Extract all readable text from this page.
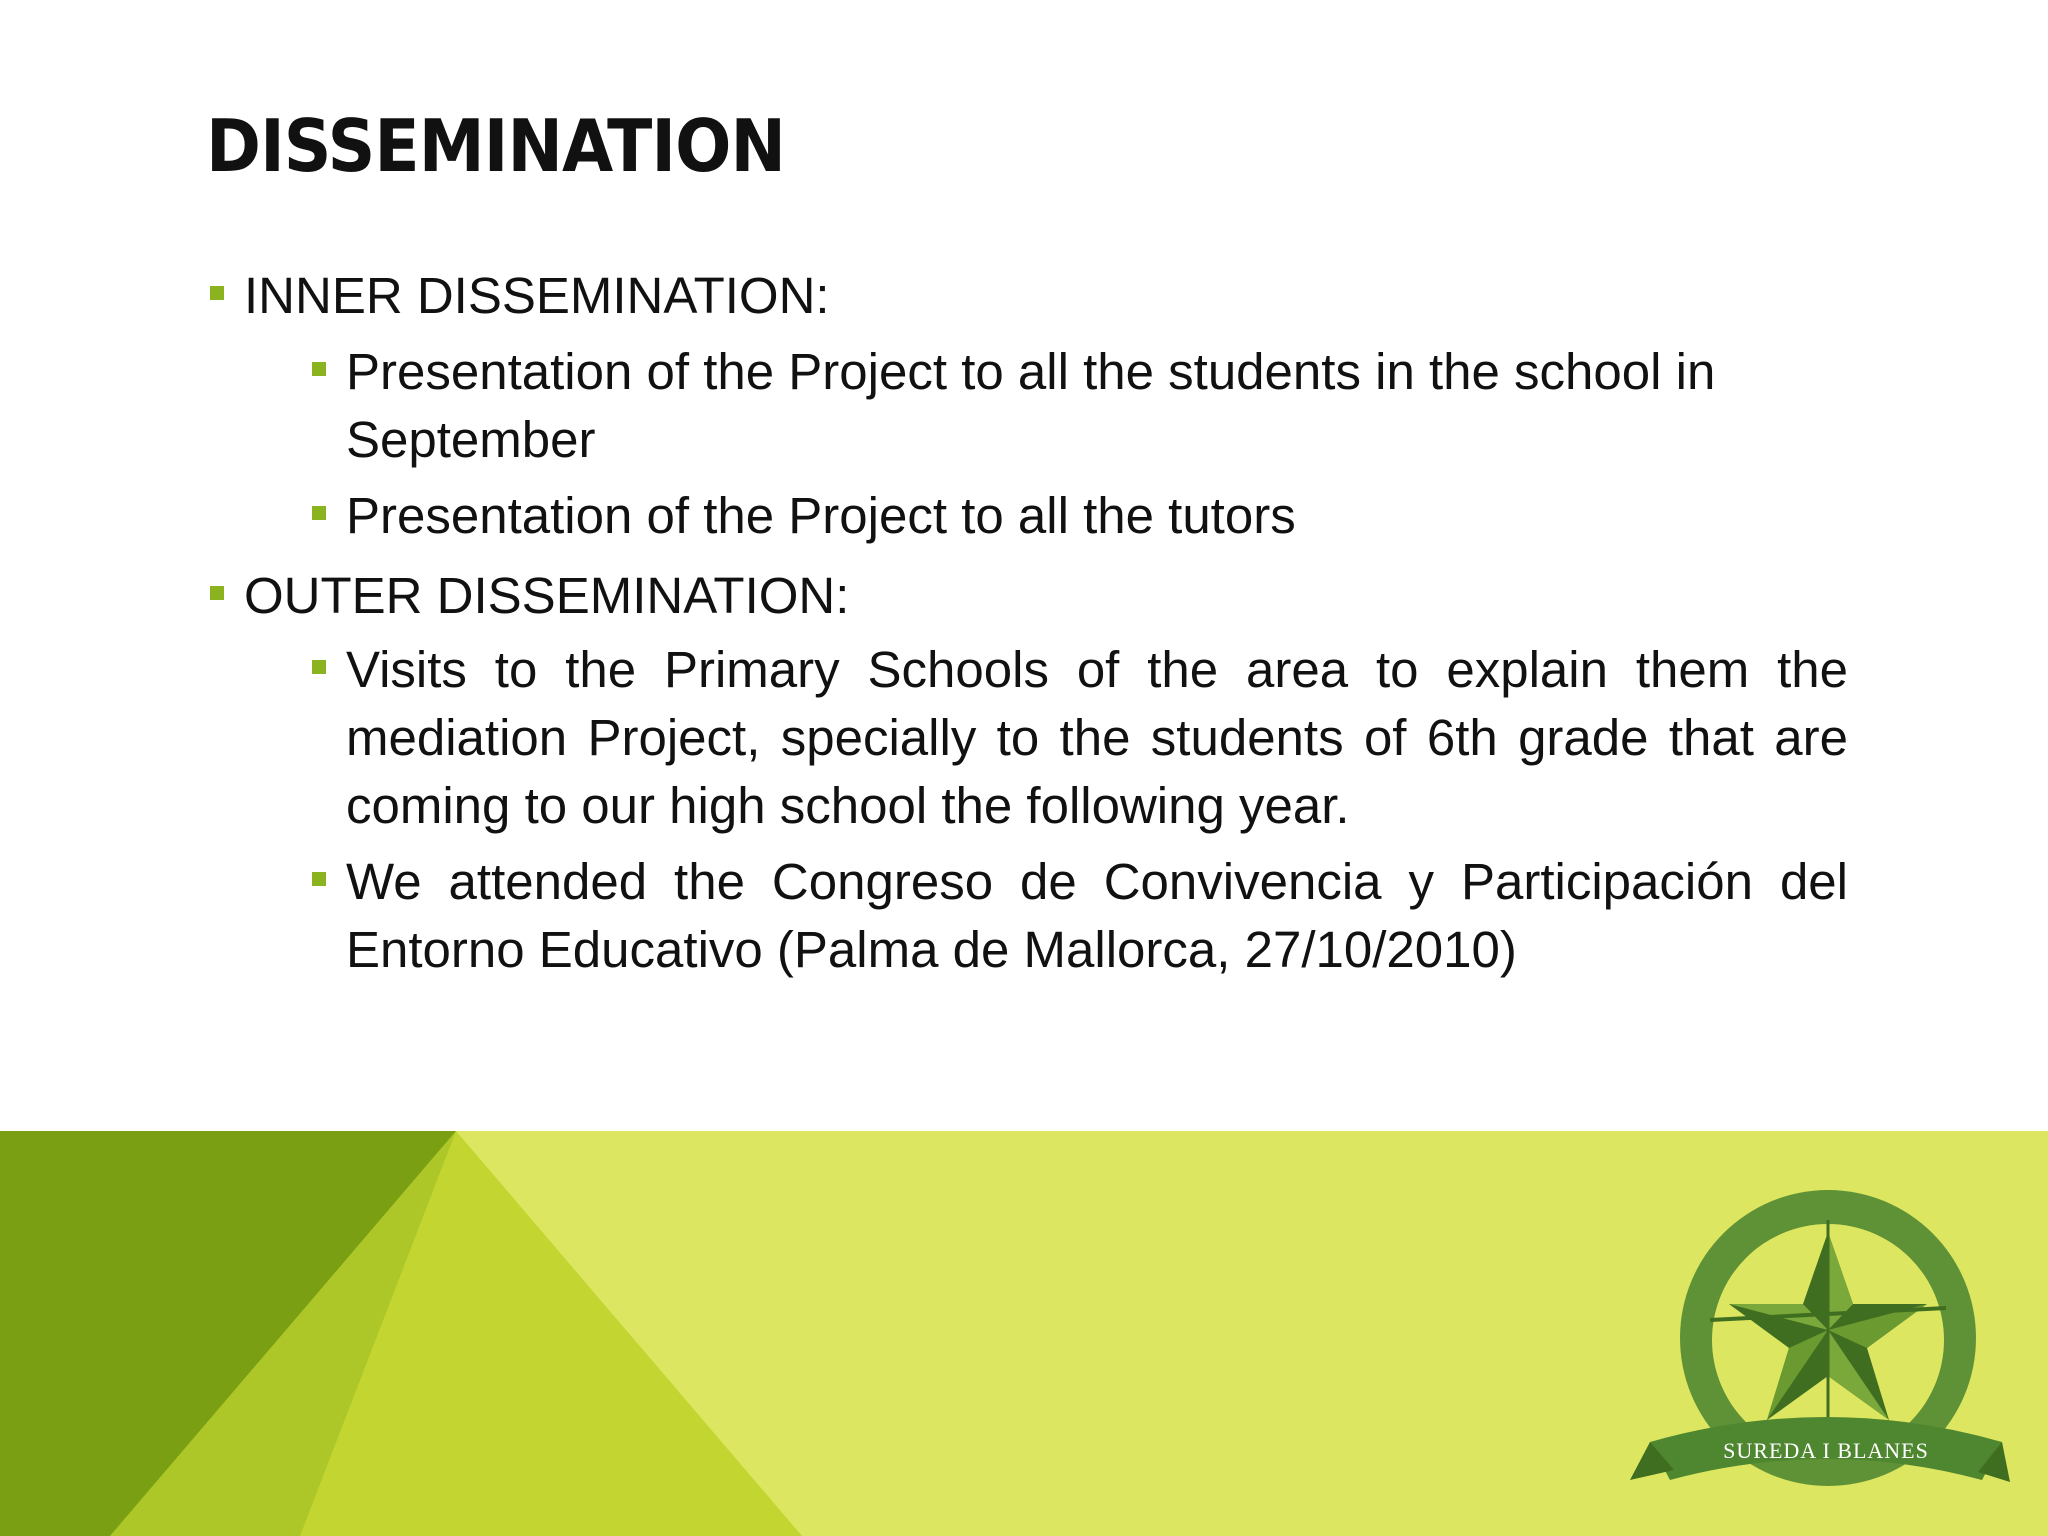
DISSEMINATION
INNER DISSEMINATION:
Presentation of the Project to all the students in the school in September
Presentation of the Project to all the tutors
OUTER DISSEMINATION:
Visits to the Primary Schools of the area to explain them the mediation Project, specially to the students of 6th grade that are coming to our high school the following year.
We attended the Congreso de Convivencia y Participación del Entorno Educativo (Palma de Mallorca, 27/10/2010)
SUREDA I BLANES
